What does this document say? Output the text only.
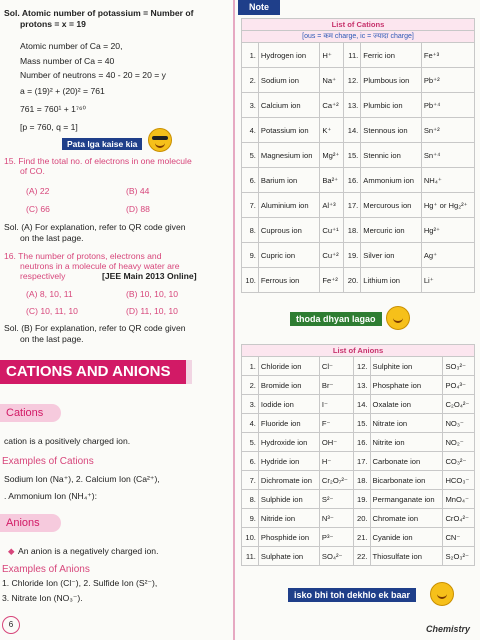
Sol. Atomic number of potassium = Number of
protons = x = 19
Atomic number of Ca = 20,
Mass number of Ca = 40
Number of neutrons = 40 - 20 = 20 = y
a = (19)² + (20)² = 761
761 = 760¹ + 1⁷⁶⁰
[p = 760, q = 1]
Pata lga kaise kia
15. Find the total no. of electrons in one molecule
of CO.
(A) 22	(B) 44
(C) 66	(D) 88
Sol. (A) For explanation, refer to QR code given
on the last page.
16. The number of protons, electrons and
neutrons in a molecule of heavy water are
respectively	[JEE Main 2013 Online]
(A) 8, 10, 11	(B) 10, 10, 10
(C) 10, 11, 10	(D) 11, 10, 10
Sol. (B) For explanation, refer to QR code given
on the last page.
CATIONS AND ANIONS
Cations
cation is a positively charged ion.
Examples of Cations
Sodium Ion (Na⁺), 2. Calcium Ion (Ca²⁺),
. Ammonium Ion (NH₄⁺):
Anions
◆ An anion is a negatively charged ion.
Examples of Anions
1. Chloride Ion (Cl⁻), 2. Sulfide Ion (S²⁻),
3. Nitrate Ion (NO₃⁻).
6
Note
List of Cations					
[ous = कम charge, ic = ज्यादा charge]					
1.	Hydrogen ion	H⁺	11.	Ferric ion	Fe⁺³
2.	Sodium ion	Na⁺	12.	Plumbous ion	Pb⁺²
3.	Calcium ion	Ca⁺²	13.	Plumbic ion	Pb⁺⁴
4.	Potassium ion	K⁺	14.	Stennous ion	Sn⁺²
5.	Magnesium ion	Mg²⁺	15.	Stennic ion	Sn⁺⁴
6.	Barium ion	Ba²⁺	16.	Ammonium ion	NH₄⁺
7.	Aluminium ion	Al⁺³	17.	Mercurous ion	Hg⁺ or Hg₂²⁺
8.	Cuprous ion	Cu⁺¹	18.	Mercuric ion	Hg²⁺
9.	Cupric ion	Cu⁺²	19.	Silver ion	Ag⁺
10.	Ferrous ion	Fe⁺²	20.	Lithium ion	Li⁺
thoda dhyan lagao
List of Anions					
1.	Chloride ion	Cl⁻	12.	Sulphite ion	SO₃²⁻
2.	Bromide ion	Br⁻	13.	Phosphate ion	PO₄³⁻
3.	Iodide ion	I⁻	14.	Oxalate ion	C₂O₄²⁻
4.	Fluoride ion	F⁻	15.	Nitrate ion	NO₃⁻
5.	Hydroxide ion	OH⁻	16.	Nitrite ion	NO₂⁻
6.	Hydride ion	H⁻	17.	Carbonate ion	CO₃²⁻
7.	Dichromate ion	Cr₂O₇²⁻	18.	Bicarbonate ion	HCO₃⁻
8.	Sulphide ion	S²⁻	19.	Permanganate ion	MnO₄⁻
9.	Nitride ion	N³⁻	20.	Chromate ion	CrO₄²⁻
10.	Phosphide ion	P³⁻	21.	Cyanide ion	CN⁻
11.	Sulphate ion	SO₄²⁻	22.	Thiosulfate ion	S₂O₃²⁻
isko bhi toh dekhlo ek baar
Chemistry
